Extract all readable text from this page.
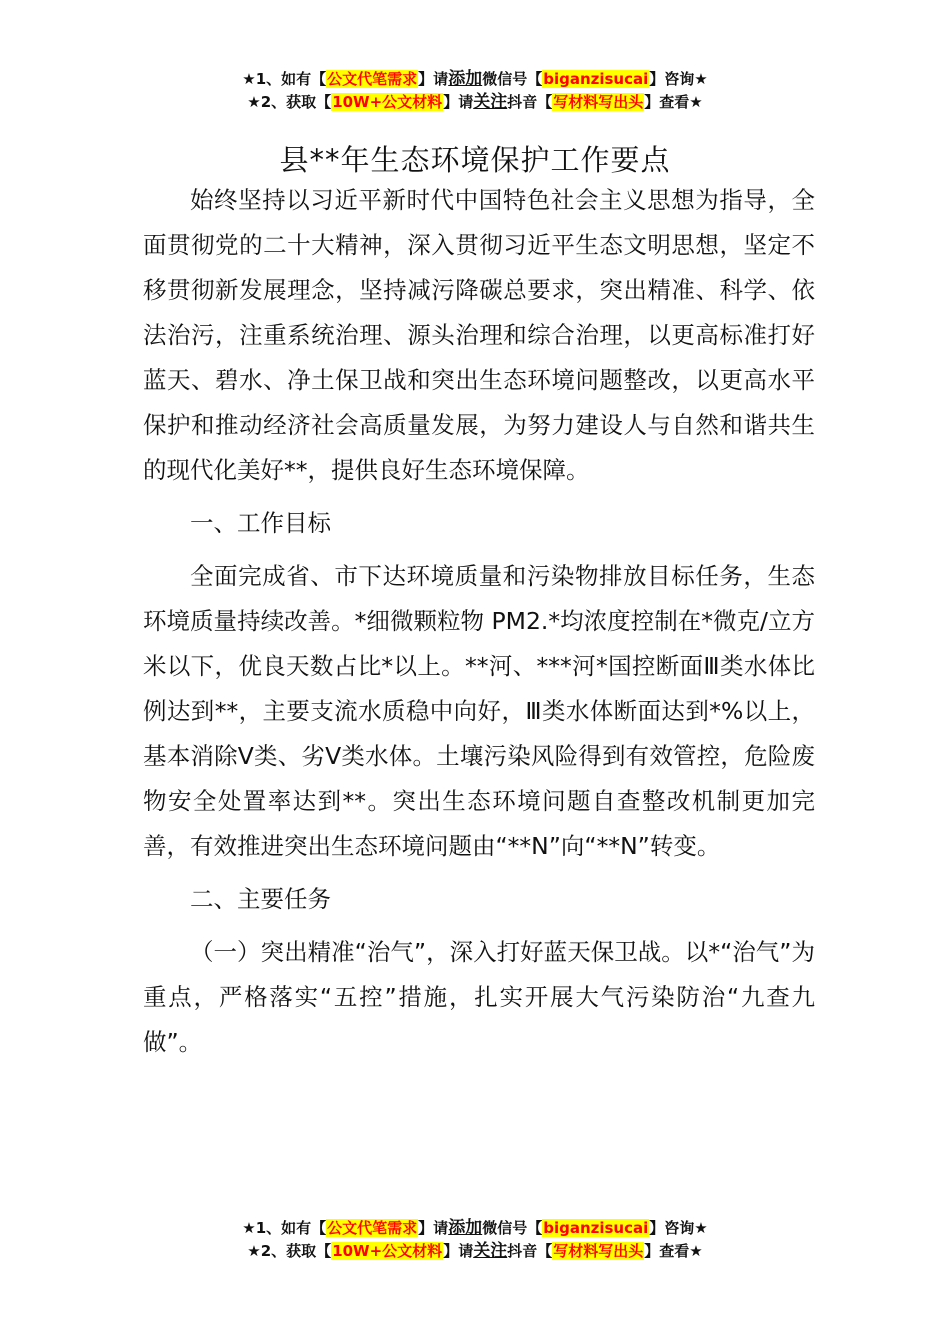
★1、如有【公文代笔需求】请添加微信号【biganzisucai】咨询★
★2、获取【10W+公文材料】请关注抖音【写材料写出头】查看★
县**年生态环境保护工作要点

始终坚持以习近平新时代中国特色社会主义思想为指导，全面贯彻党的二十大精神，深入贯彻习近平生态文明思想，坚定不移贯彻新发展理念，坚持减污降碳总要求，突出精准、科学、依法治污，注重系统治理、源头治理和综合治理，以更高标准打好蓝天、碧水、净土保卫战和突出生态环境问题整改，以更高水平保护和推动经济社会高质量发展，为努力建设人与自然和谐共生的现代化美好**，提供良好生态环境保障。

一、工作目标

全面完成省、市下达环境质量和污染物排放目标任务，生态环境质量持续改善。*细微颗粒物 PM2.*均浓度控制在*微克/立方米以下，优良天数占比*以上。**河、***河*国控断面Ⅲ类水体比例达到**，主要支流水质稳中向好，Ⅲ类水体断面达到*%以上，基本消除Ⅴ类、劣Ⅴ类水体。土壤污染风险得到有效管控，危险废物安全处置率达到**。突出生态环境问题自查整改机制更加完善，有效推进突出生态环境问题由“**N”向“**N”转变。

二、主要任务

（一）突出精准“治气”，深入打好蓝天保卫战。以*“治气”为重点，严格落实“五控”措施，扎实开展大气污染防治“九查九做”。

★1、如有【公文代笔需求】请添加微信号【biganzisucai】咨询★
★2、获取【10W+公文材料】请关注抖音【写材料写出头】查看★
